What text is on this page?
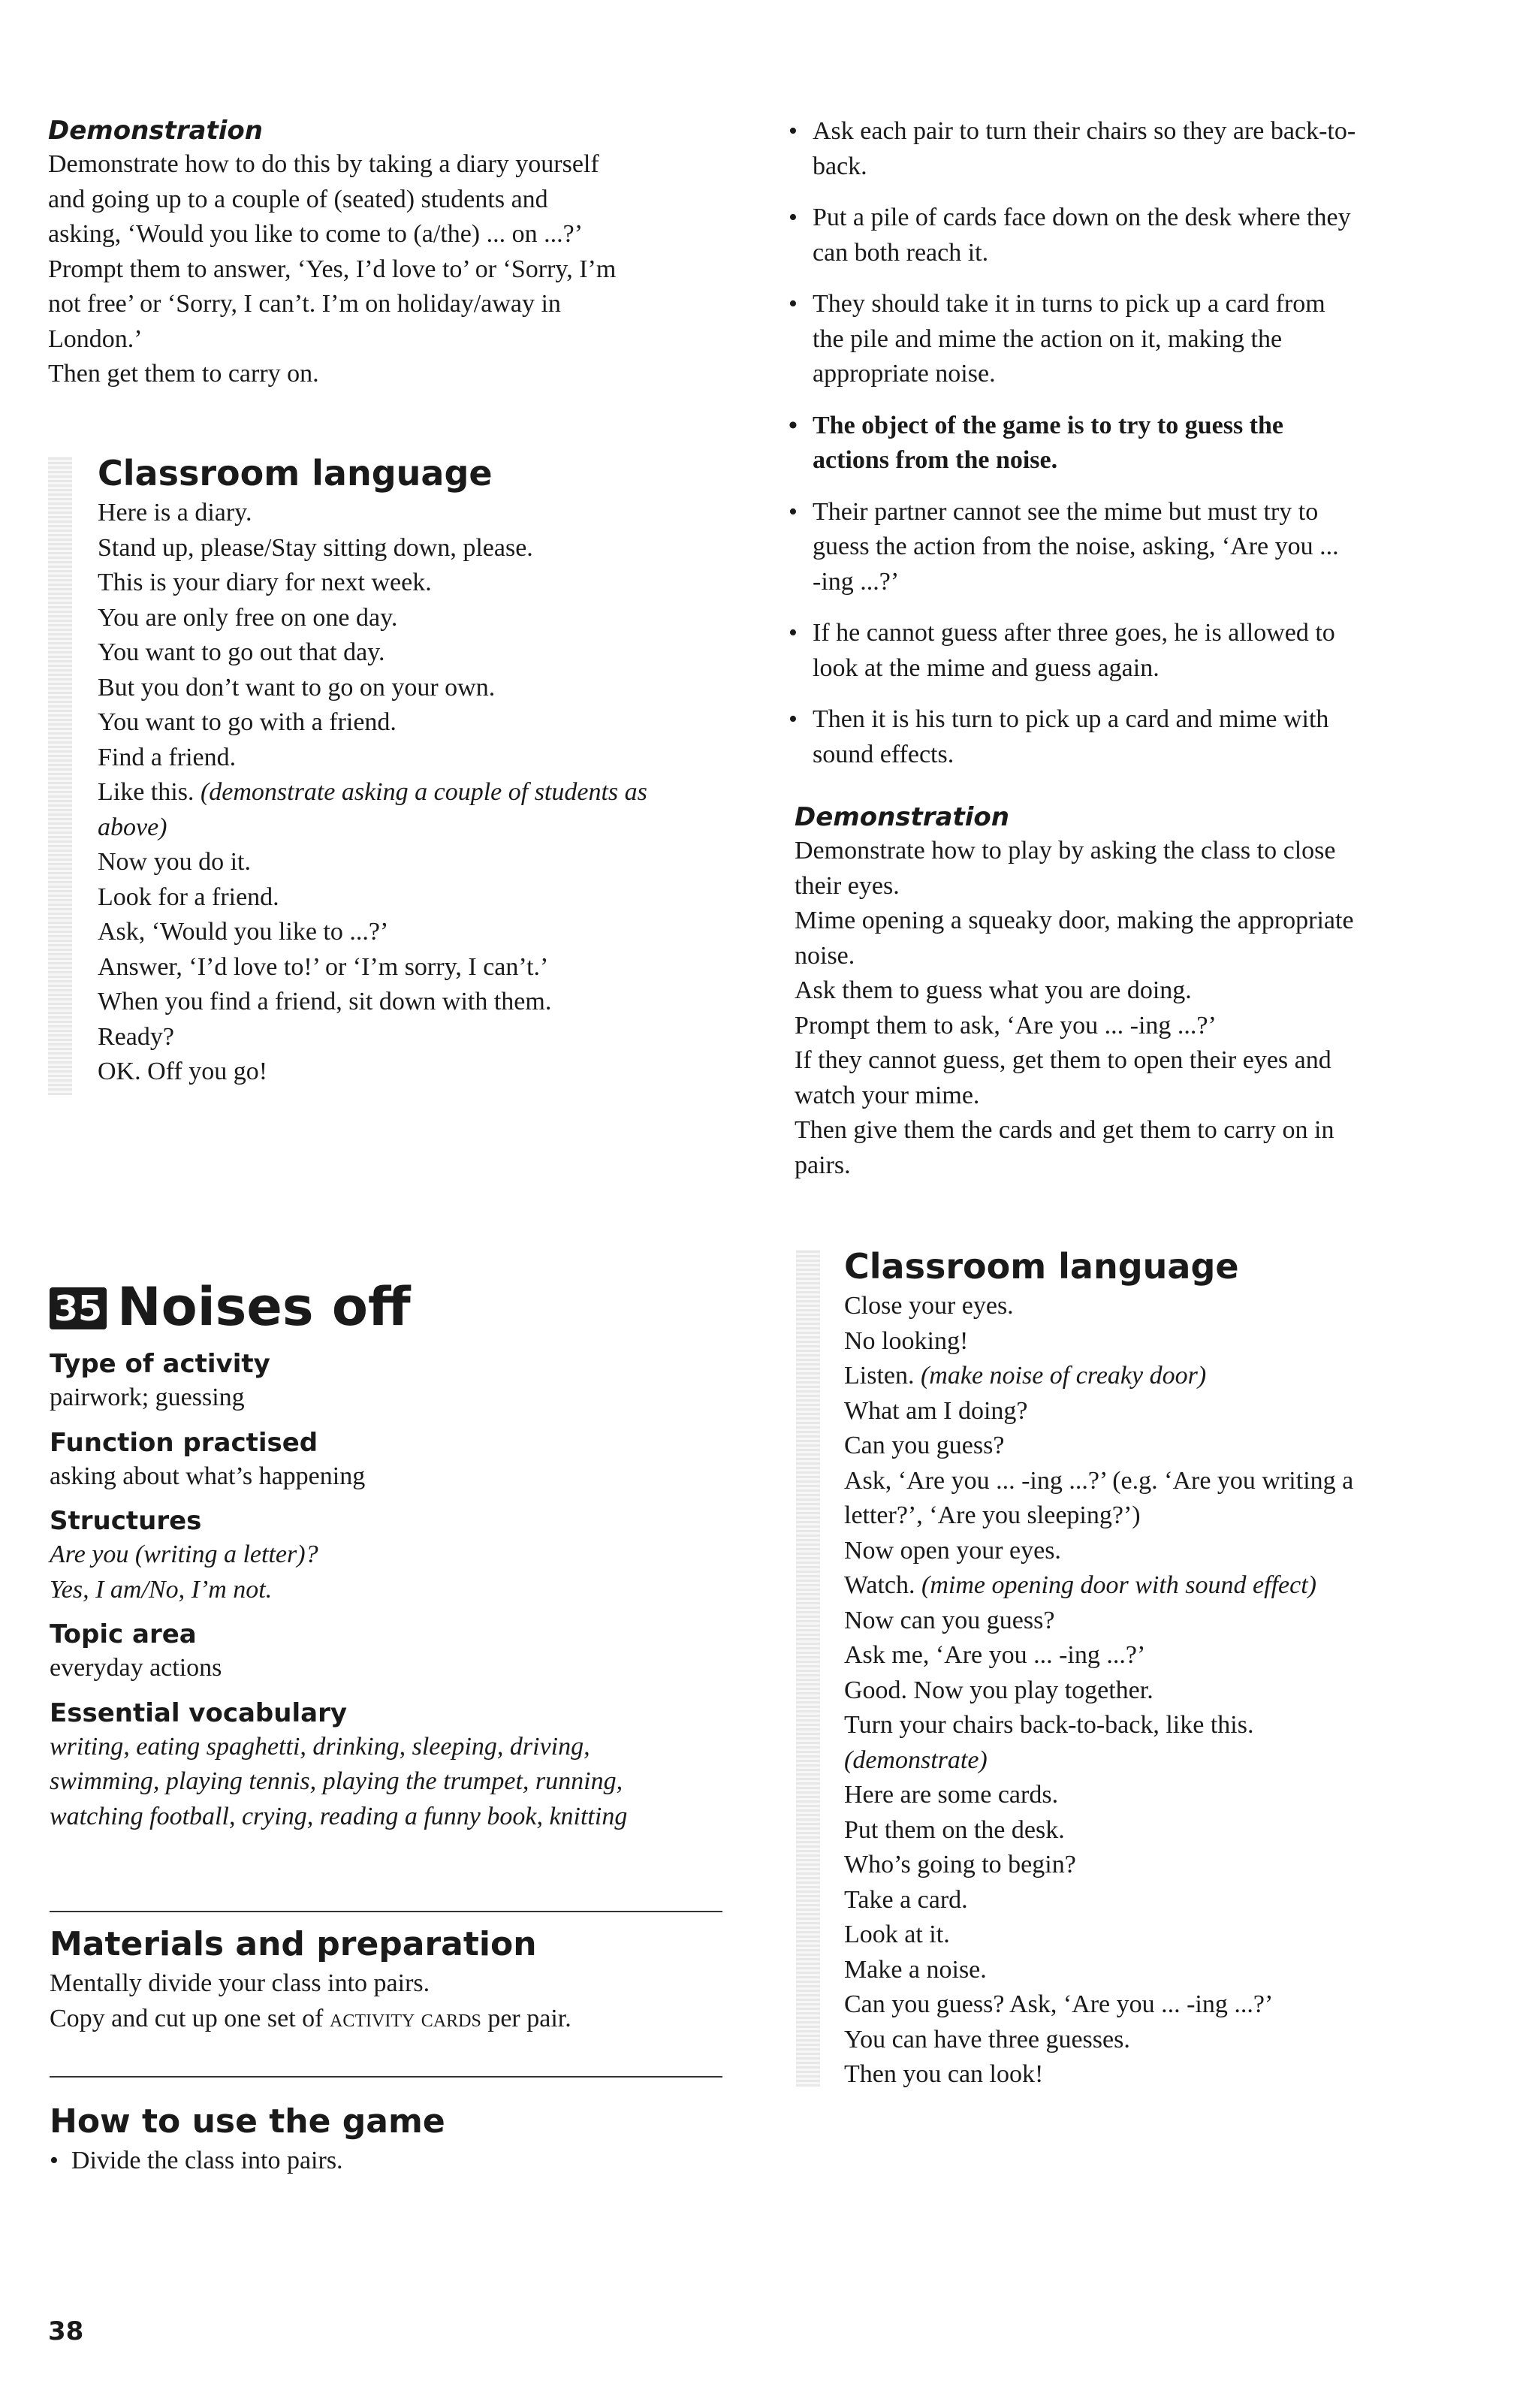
Demonstration
Demonstrate how to do this by taking a diary yourself
and going up to a couple of (seated) students and
asking, ‘Would you like to come to (a/the) ... on ...?’
Prompt them to answer, ‘Yes, I’d love to’ or ‘Sorry, I’m
not free’ or ‘Sorry, I can’t. I’m on holiday/away in
London.’
Then get them to carry on.
Classroom language
Here is a diary.
Stand up, please/Stay sitting down, please.
This is your diary for next week.
You are only free on one day.
You want to go out that day.
But you don’t want to go on your own.
You want to go with a friend.
Find a friend.
Like this. (demonstrate asking a couple of students as
above)
Now you do it.
Look for a friend.
Ask, ‘Would you like to ...?’
Answer, ‘I’d love to!’ or ‘I’m sorry, I can’t.’
When you find a friend, sit down with them.
Ready?
OK. Off you go!
• Ask each pair to turn their chairs so they are back-to-
back.
• Put a pile of cards face down on the desk where they
can both reach it.
• They should take it in turns to pick up a card from
the pile and mime the action on it, making the
appropriate noise.
• The object of the game is to try to guess the
actions from the noise.
• Their partner cannot see the mime but must try to
guess the action from the noise, asking, ‘Are you ...
-ing ...?’
• If he cannot guess after three goes, he is allowed to
look at the mime and guess again.
• Then it is his turn to pick up a card and mime with
sound effects.
Demonstration
Demonstrate how to play by asking the class to close
their eyes.
Mime opening a squeaky door, making the appropriate
noise.
Ask them to guess what you are doing.
Prompt them to ask, ‘Are you ... -ing ...?’
If they cannot guess, get them to open their eyes and
watch your mime.
Then give them the cards and get them to carry on in
pairs.
35 Noises off
Type of activity
pairwork; guessing
Function practised
asking about what’s happening
Structures
Are you (writing a letter)?
Yes, I am/No, I’m not.
Topic area
everyday actions
Essential vocabulary
writing, eating spaghetti, drinking, sleeping, driving,
swimming, playing tennis, playing the trumpet, running,
watching football, crying, reading a funny book, knitting
Materials and preparation
Mentally divide your class into pairs.
Copy and cut up one set of activity cards per pair.
How to use the game
•  Divide the class into pairs.
Classroom language
Close your eyes.
No looking!
Listen. (make noise of creaky door)
What am I doing?
Can you guess?
Ask, ‘Are you ... -ing ...?’ (e.g. ‘Are you writing a
letter?’, ‘Are you sleeping?’)
Now open your eyes.
Watch. (mime opening door with sound effect)
Now can you guess?
Ask me, ‘Are you ... -ing ...?’
Good. Now you play together.
Turn your chairs back-to-back, like this.
(demonstrate)
Here are some cards.
Put them on the desk.
Who’s going to begin?
Take a card.
Look at it.
Make a noise.
Can you guess? Ask, ‘Are you ... -ing ...?’
You can have three guesses.
Then you can look!
38
